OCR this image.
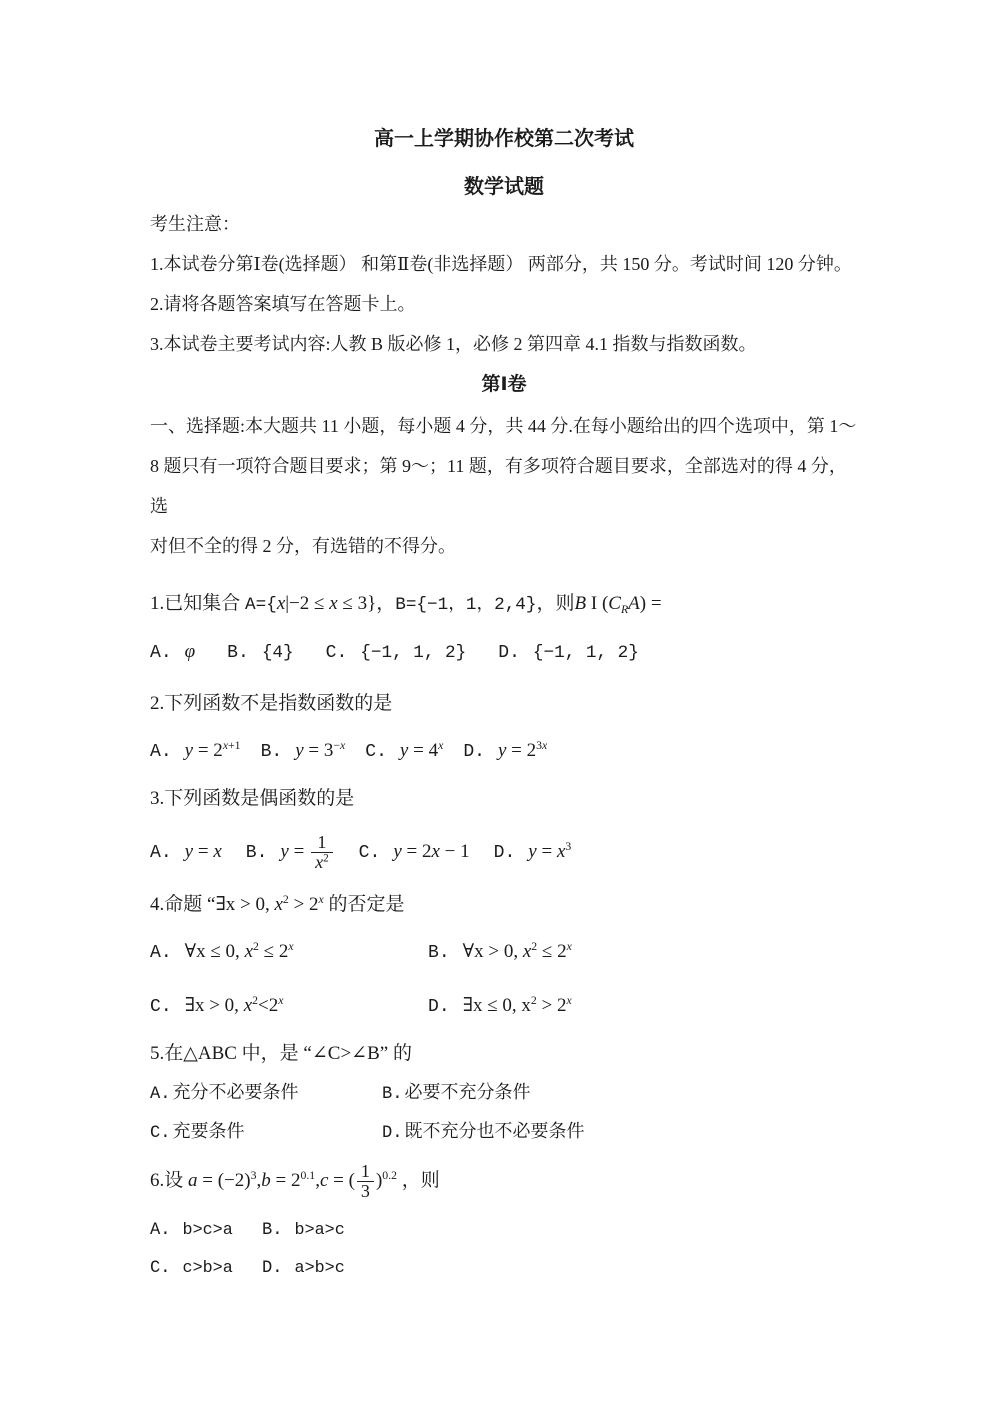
高一上学期协作校第二次考试
数学试题
考生注意：
1.本试卷分第Ⅰ卷(选择题） 和第Ⅱ卷(非选择题） 两部分，共 150 分。考试时间 120 分钟。
2.请将各题答案填写在答题卡上。
3.本试卷主要考试内容:人教 B 版必修 1，必修 2 第四章 4.1 指数与指数函数。
第Ⅰ卷
一、选择题:本大题共 11 小题，每小题 4 分，共 44 分.在每小题给出的四个选项中，第 1～
8 题只有一项符合题目要求；第 9～；11 题，有多项符合题目要求，全部选对的得 4 分，选
对但不全的得 2 分，有选错的不得分。
1.已知集合 A={x|−2 ≤ x ≤ 3}，B={−1，1，2,4}，则B I $(C_RA)$ =
A. φ B. {4} C. {−1, 1, 2} D. {−1, 1, 2}
2.下列函数不是指数函数的是
A. $y = 2^{x+1}$ B. $y = 3^{-x}$ C. $y = 4^x$ D. $y = 2^{3x}$
3.下列函数是偶函数的是
A. y = x B. $y = \frac{1}{x^2} C$. y = 2x − 1 D. $y = x^3$
4.命题 “∃x > 0, $x^2 > 2^x$ 的否定是
A. ∀x ≤ 0, $x^2 \le 2^x$	B. ∀x > 0, $x^2 \le 2^x$
C. ∃x > 0, $x^2<2^x$	D. ∃x ≤ 0, $x^2 > 2^x$
5.在△ABC 中，是 “∠C>∠B” 的
A. 充分不必要条件	B. 必要不充分条件
C. 充要条件	D. 既不充分也不必要条件
6.设 $a = (-2)^3,b = 2^{0.1},c$ = ( $\frac{1}{3} )^{0.2}$ ，则
A. b>c>a B. b>a>c
C. c>b>a D. a>b>c
